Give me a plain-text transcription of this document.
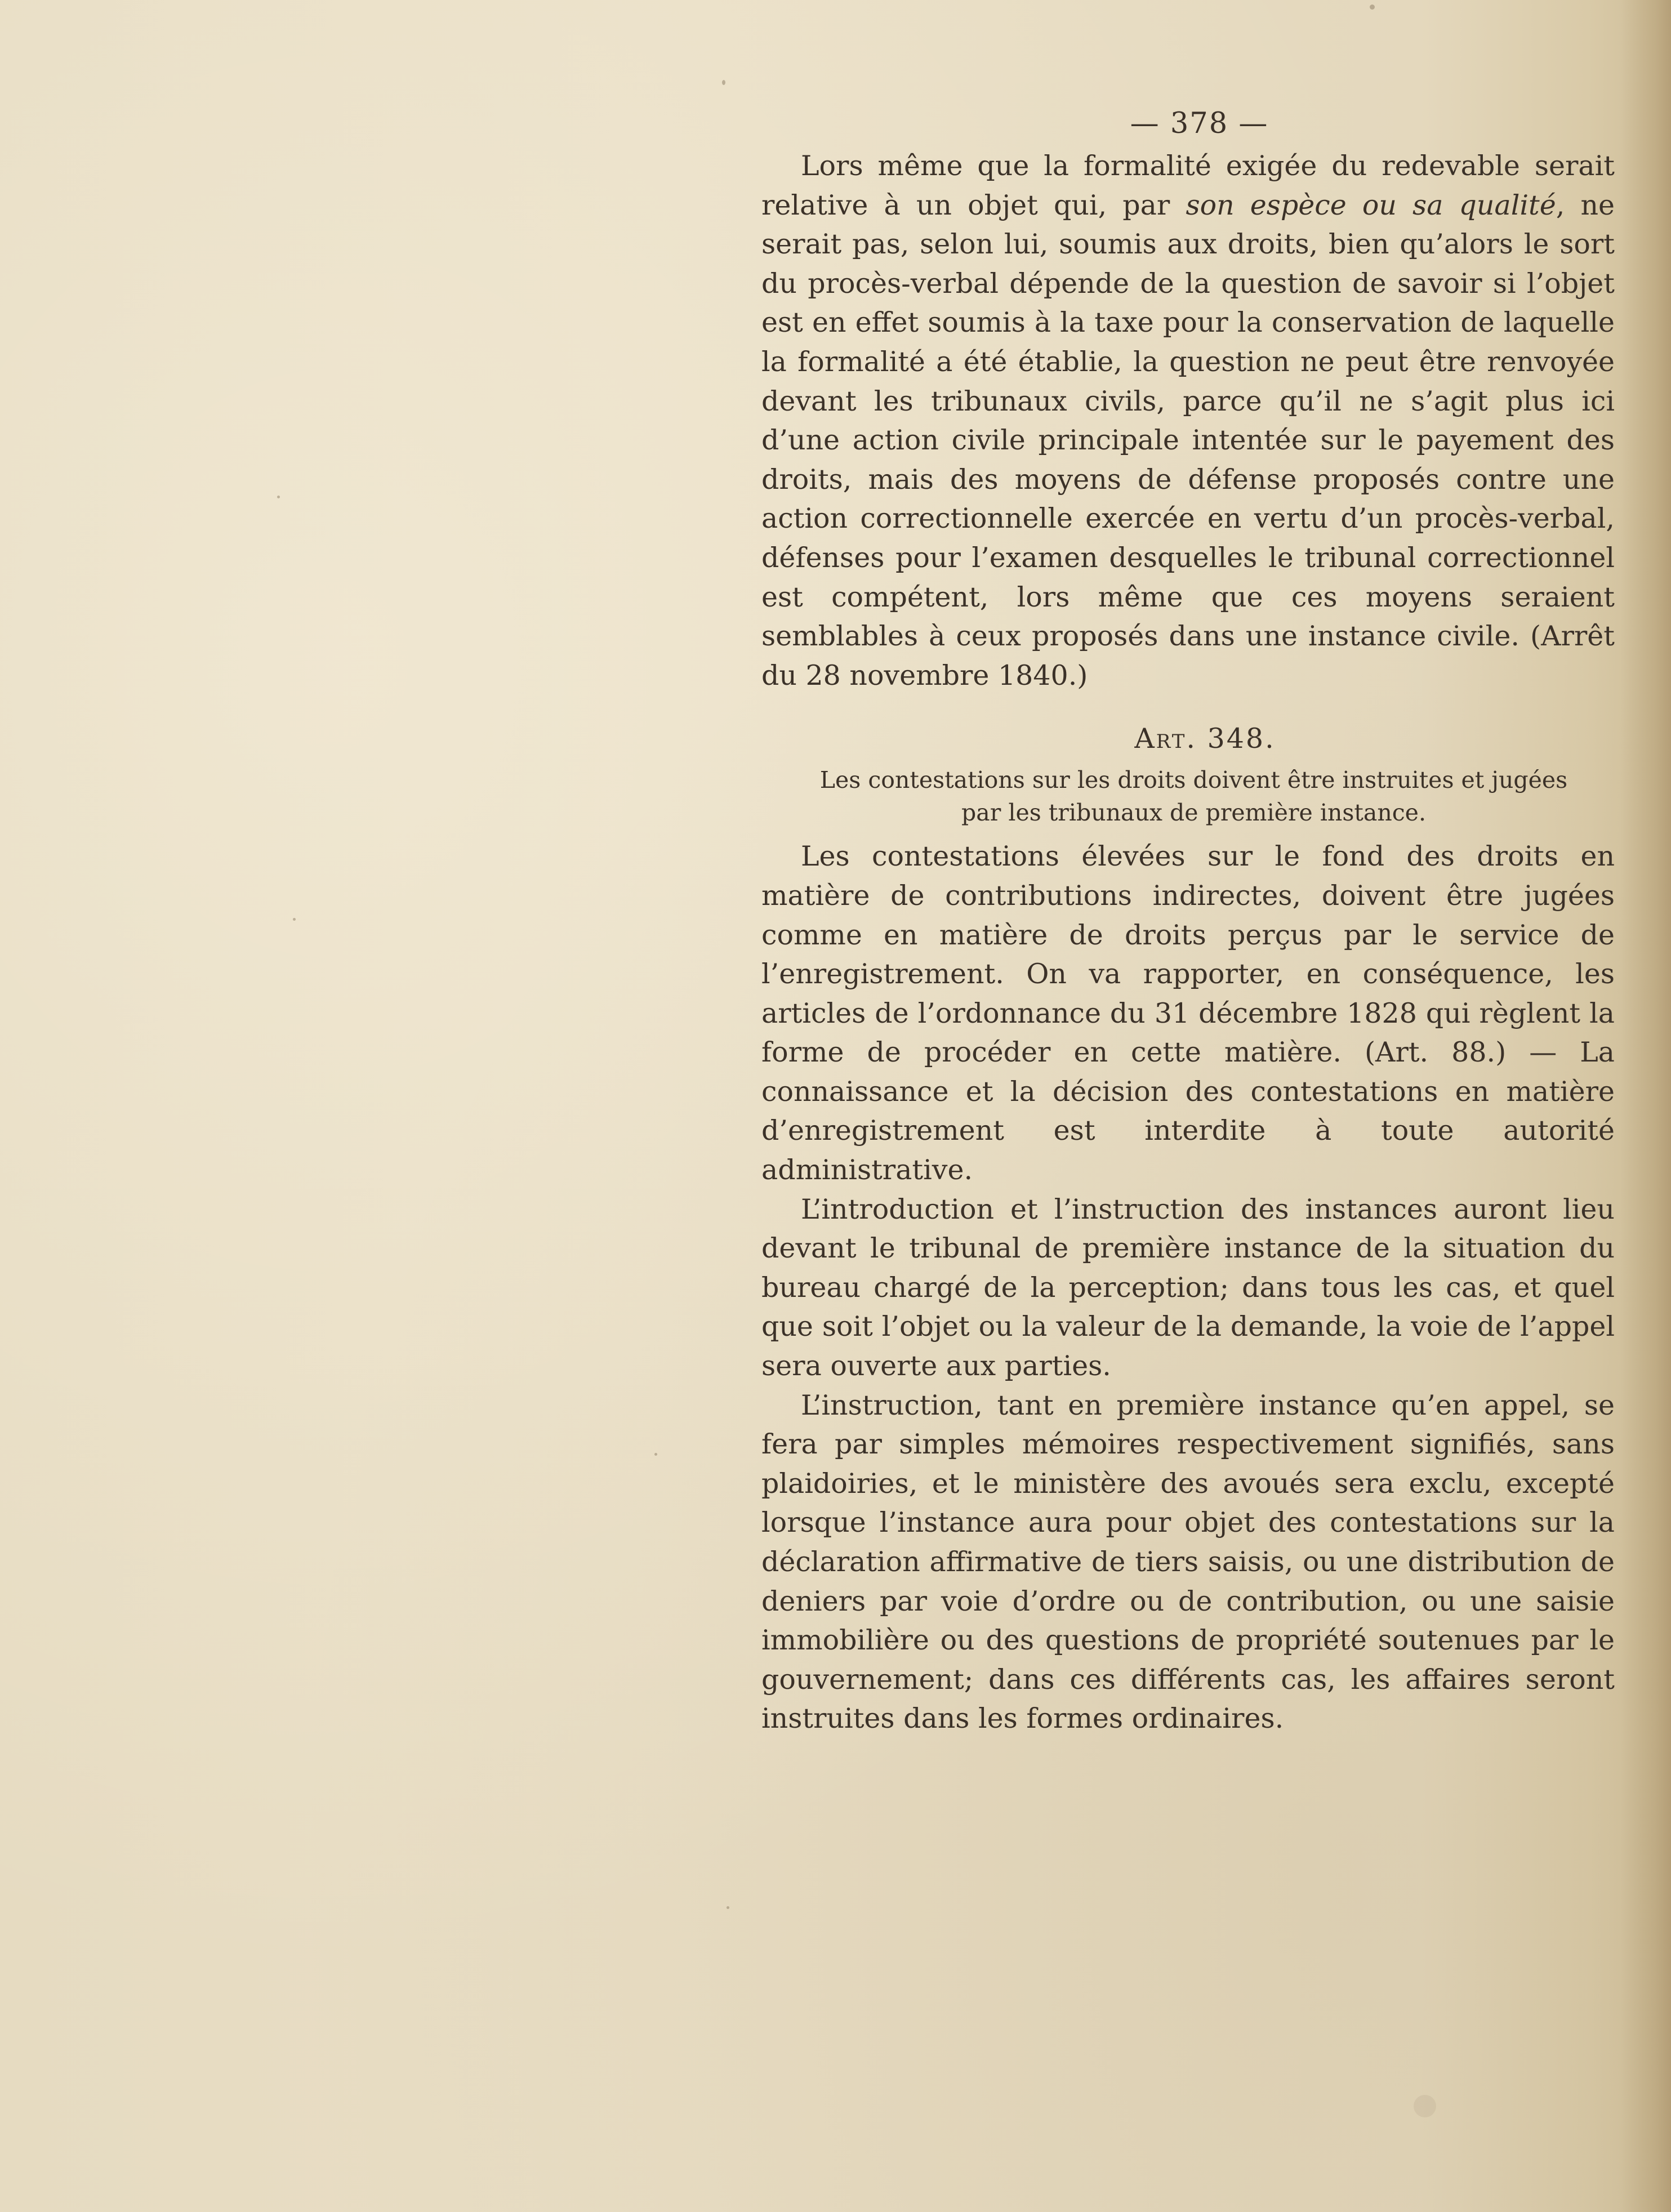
— 378 —

Lors même que la formalité exigée du redevable serait relative à un objet qui, par son espèce ou sa qualité, ne serait pas, selon lui, soumis aux droits, bien qu’alors le sort du procès-verbal dépende de la question de savoir si l’objet est en effet soumis à la taxe pour la conservation de laquelle la formalité a été établie, la question ne peut être renvoyée devant les tribunaux civils, parce qu’il ne s’agit plus ici d’une action civile principale intentée sur le payement des droits, mais des moyens de défense proposés contre une action correctionnelle exercée en vertu d’un procès-verbal, défenses pour l’examen desquelles le tribunal correctionnel est compétent, lors même que ces moyens seraient semblables à ceux proposés dans une instance civile. (Arrêt du 28 novembre 1840.)

Art. 348.
Les contestations sur les droits doivent être instruites et jugées
par les tribunaux de première instance.

Les contestations élevées sur le fond des droits en matière de contributions indirectes, doivent être jugées comme en matière de droits perçus par le service de l’enregistrement. On va rapporter, en conséquence, les articles de l’ordonnance du 31 décembre 1828 qui règlent la forme de procéder en cette matière. (Art. 88.) — La connaissance et la décision des contestations en matière d’enregistrement est interdite à toute autorité administrative.

L’introduction et l’instruction des instances auront lieu devant le tribunal de première instance de la situation du bureau chargé de la perception; dans tous les cas, et quel que soit l’objet ou la valeur de la demande, la voie de l’appel sera ouverte aux parties.

L’instruction, tant en première instance qu’en appel, se fera par simples mémoires respectivement signifiés, sans plaidoiries, et le ministère des avoués sera exclu, excepté lorsque l’instance aura pour objet des contestations sur la déclaration affirmative de tiers saisis, ou une distribution de deniers par voie d’ordre ou de contribution, ou une saisie immobilière ou des questions de propriété soutenues par le gouvernement; dans ces différents cas, les affaires seront instruites dans les formes ordinaires.
